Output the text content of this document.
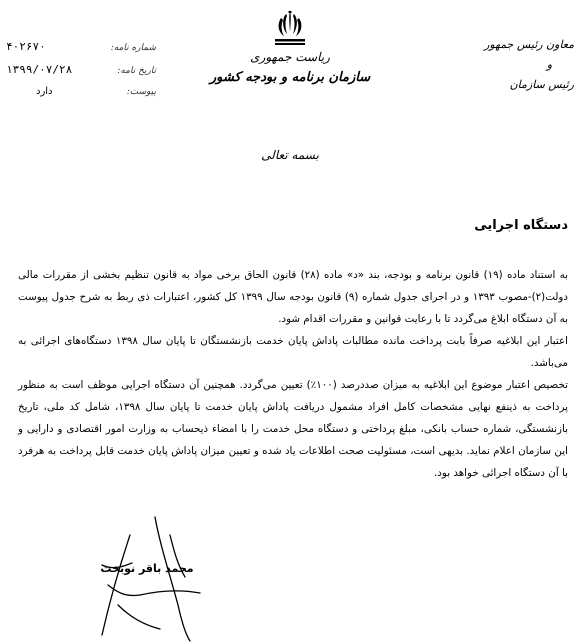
شماره نامه:
۴۰۲۶۷۰
تاریخ نامه:
۱۳۹۹/۰۷/۲۸
پیوست:
دارد
ریاست جمهوری
سازمان برنامه و بودجه کشور
معاون رئیس جمهور
و
رئیس سازمان
بسمه تعالی
دستگاه اجرایی

به استناد ماده (۱۹) قانون برنامه و بودجه، بند «د» ماده (۲۸) قانون الحاق برخی مواد به قانون تنظیم بخشی از مقررات مالی دولت(۲)-مصوب ۱۳۹۳ و در اجرای جدول شماره (۹) قانون بودجه سال ۱۳۹۹ کل کشور، اعتبارات ذی ربط به شرح جدول پیوست به آن دستگاه ابلاغ می‌گردد تا با رعایت قوانین و مقررات اقدام شود.

اعتبار این ابلاغیه صرفاً بابت پرداخت مانده مطالبات پاداش پایان خدمت بازنشستگان تا پایان سال ۱۳۹۸ دستگاه‌های اجرائی به می‌باشد.

تخصیص اعتبار موضوع این ابلاغیه به میزان صددرصد (۱۰۰٪) تعیین می‌گردد. همچنین آن دستگاه اجرایی موظف است به منظور پرداخت به ذینفع نهایی مشخصات کامل افراد مشمول دریافت پاداش پایان خدمت تا پایان سال ۱۳۹۸، شامل کد ملی، تاریخ بازنشستگی، شماره حساب بانکی، مبلغ پرداختی و دستگاه محل خدمت را با امضاء ذیحساب به وزارت امور اقتصادی و دارایی و این سازمان اعلام نماید. بدیهی است، مسئولیت صحت اطلاعات یاد شده و تعیین میزان پاداش پایان خدمت قابل پرداخت به هرفرد با آن دستگاه اجرائی خواهد بود.

محمد باقر نوبخت
